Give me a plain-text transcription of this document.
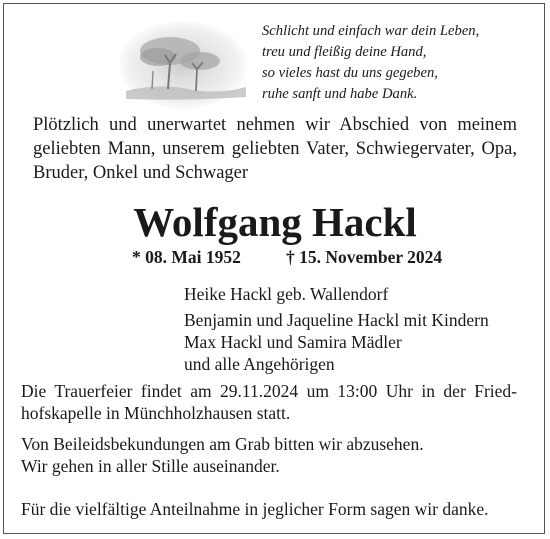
Schlicht und einfach war dein Leben,
treu und fleißig deine Hand,
so vieles hast du uns gegeben,
ruhe sanft und habe Dank.
Plötzlich und unerwartet nehmen wir Abschied von meinem
geliebten Mann, unserem geliebten Vater, Schwiegervater, Opa,
Bruder, Onkel und Schwager
Wolfgang Hackl
* 08. Mai 1952	† 15. November 2024
Heike Hackl geb. Wallendorf
Benjamin und Jaqueline Hackl mit Kindern
Max Hackl und Samira Mädler
und alle Angehörigen
Die Trauerfeier findet am 29.11.2024 um 13:00 Uhr in der Fried-
hofskapelle in Münchholzhausen statt.
Von Beileidsbekundungen am Grab bitten wir abzusehen.
Wir gehen in aller Stille auseinander.
Für die vielfältige Anteilnahme in jeglicher Form sagen wir danke.
